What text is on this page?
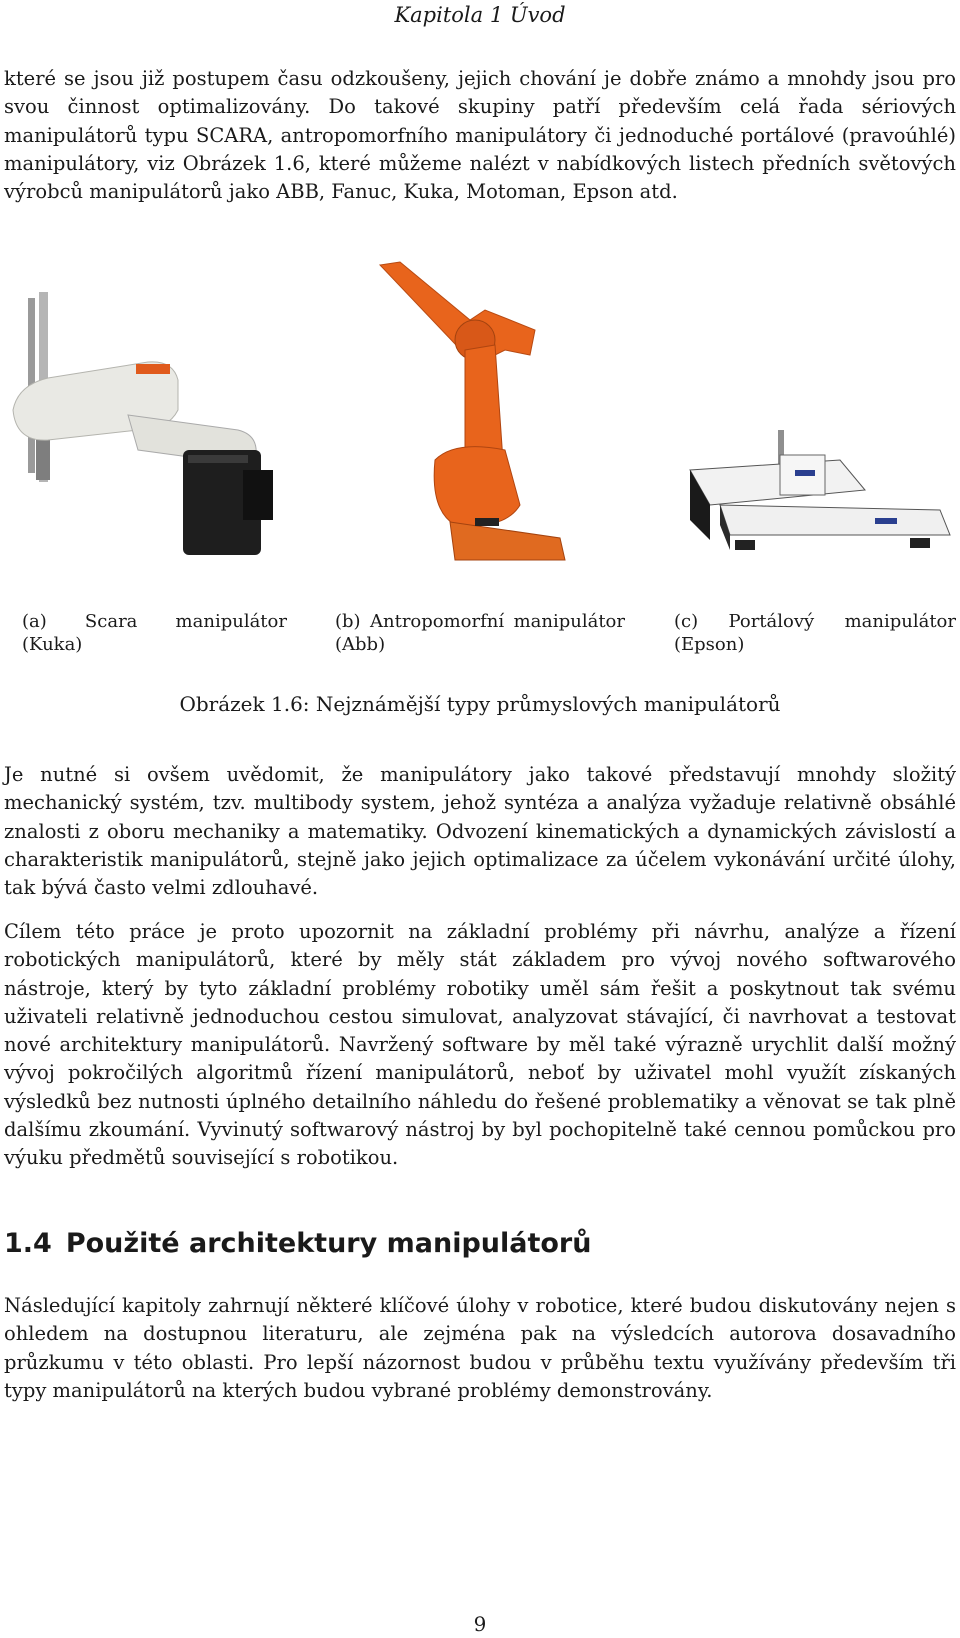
Kapitola 1 Úvod

které se jsou již postupem času odzkoušeny, jejich chování je dobře známo a mnohdy jsou pro svou činnost optimalizovány. Do takové skupiny patří především celá řada sériových manipulátorů typu SCARA, antropomorfního manipulátory či jednoduché portálové (pravoúhlé) manipulátory, viz Obrázek 1.6, které můžeme nalézt v nabídkových listech předních světových výrobců manipulátorů jako ABB, Fanuc, Kuka, Motoman, Epson atd.

(a) Scara manipulátor (Kuka)
(b) Antropomorfní manipulátor (Abb)
(c) Portálový manipulátor (Epson)
Obrázek 1.6: Nejznámější typy průmyslových manipulátorů

Je nutné si ovšem uvědomit, že manipulátory jako takové představují mnohdy složitý mechanický systém, tzv. multibody system, jehož syntéza a analýza vyžaduje relativně obsáhlé znalosti z oboru mechaniky a matematiky. Odvození kinematických a dynamických závislostí a charakteristik manipulátorů, stejně jako jejich optimalizace za účelem vykonávání určité úlohy, tak bývá často velmi zdlouhavé.

Cílem této práce je proto upozornit na základní problémy při návrhu, analýze a řízení robotických manipulátorů, které by měly stát základem pro vývoj nového softwarového nástroje, který by tyto základní problémy robotiky uměl sám řešit a poskytnout tak svému uživateli relativně jednoduchou cestou simulovat, analyzovat stávající, či navrhovat a testovat nové architektury manipulátorů. Navržený software by měl také výrazně urychlit další možný vývoj pokročilých algoritmů řízení manipulátorů, neboť by uživatel mohl využít získaných výsledků bez nutnosti úplného detailního náhledu do řešené problematiky a věnovat se tak plně dalšímu zkoumání. Vyvinutý softwarový nástroj by byl pochopitelně také cennou pomůckou pro výuku předmětů související s robotikou.

1.4 Použité architektury manipulátorů

Následující kapitoly zahrnují některé klíčové úlohy v robotice, které budou diskutovány nejen s ohledem na dostupnou literaturu, ale zejména pak na výsledcích autorova dosavadního průzkumu v této oblasti. Pro lepší názornost budou v průběhu textu využívány především tři typy manipulátorů na kterých budou vybrané problémy demonstrovány.

9
